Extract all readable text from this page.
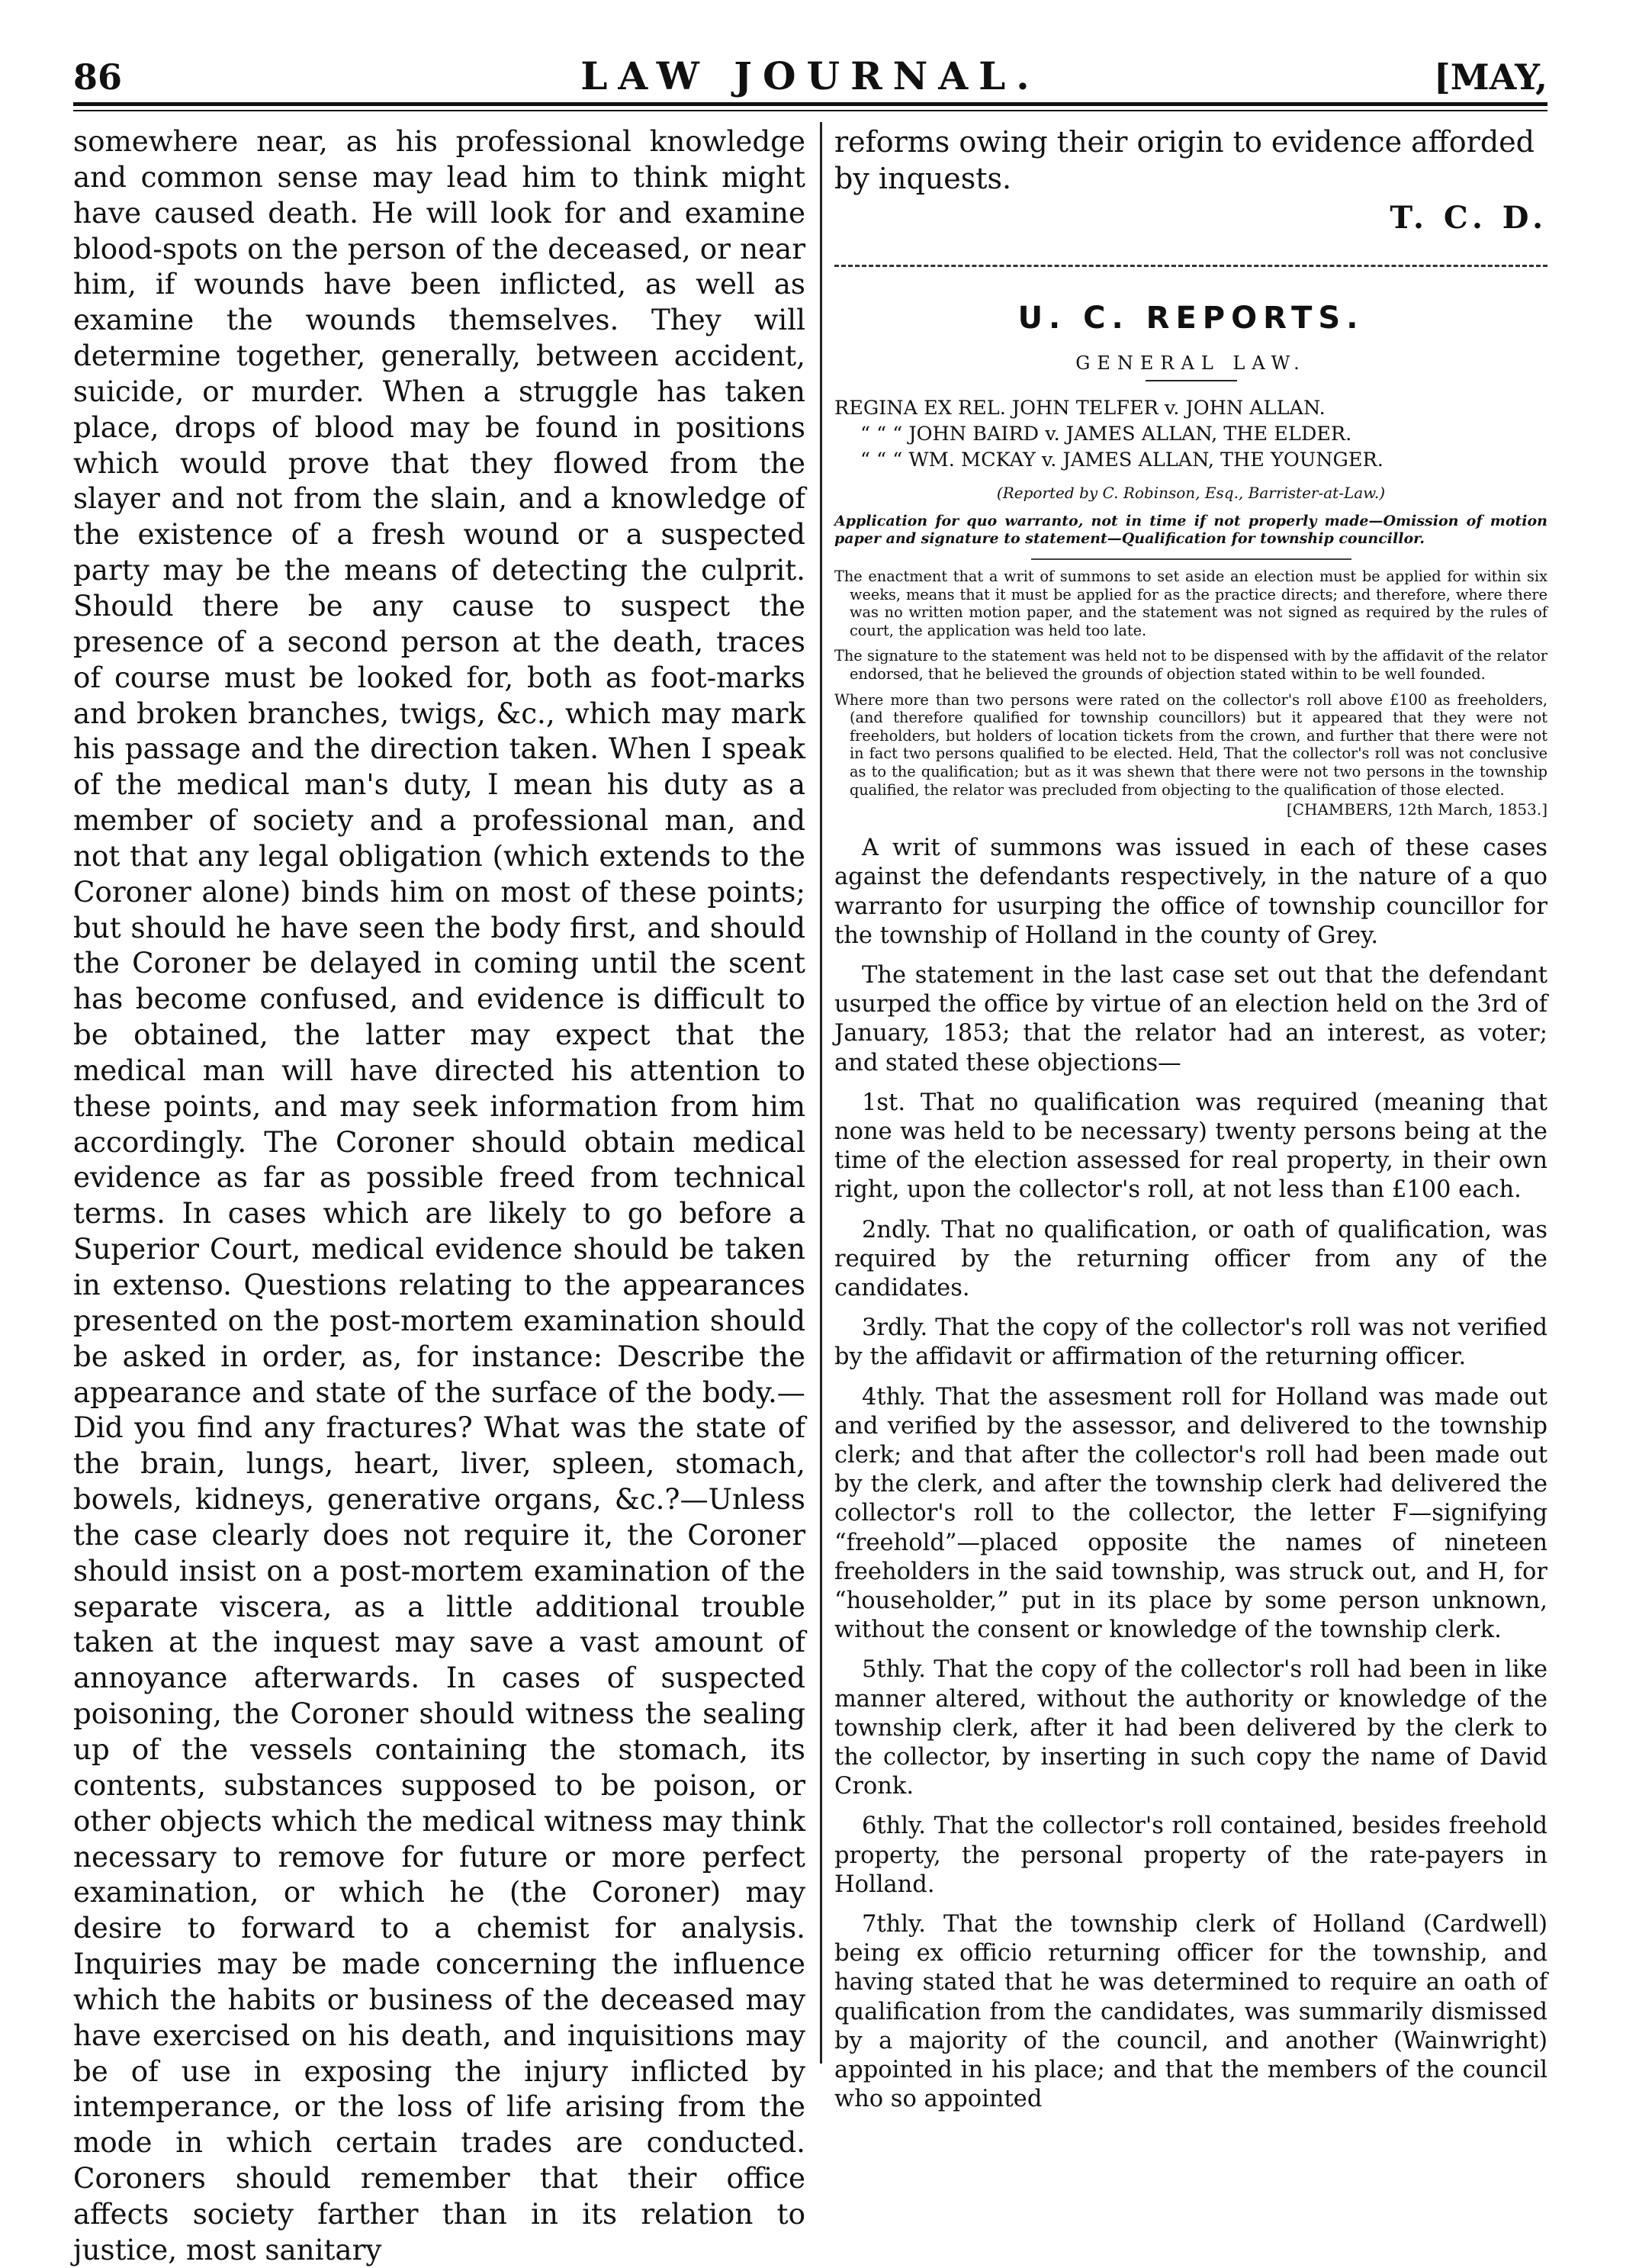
86	LAW JOURNAL.	[MAY,

somewhere near, as his professional knowledge and common sense may lead him to think might have caused death. He will look for and examine blood-spots on the person of the deceased, or near him, if wounds have been inflicted, as well as examine the wounds themselves. They will determine together, generally, between accident, suicide, or murder. When a struggle has taken place, drops of blood may be found in positions which would prove that they flowed from the slayer and not from the slain, and a knowledge of the existence of a fresh wound or a suspected party may be the means of detecting the culprit. Should there be any cause to suspect the presence of a second person at the death, traces of course must be looked for, both as foot-marks and broken branches, twigs, &c., which may mark his passage and the direction taken. When I speak of the medical man's duty, I mean his duty as a member of society and a professional man, and not that any legal obligation (which extends to the Coroner alone) binds him on most of these points; but should he have seen the body first, and should the Coroner be delayed in coming until the scent has become confused, and evidence is difficult to be obtained, the latter may expect that the medical man will have directed his attention to these points, and may seek information from him accordingly. The Coroner should obtain medical evidence as far as possible freed from technical terms. In cases which are likely to go before a Superior Court, medical evidence should be taken in extenso. Questions relating to the appearances presented on the post-mortem examination should be asked in order, as, for instance: Describe the appearance and state of the surface of the body.—Did you find any fractures? What was the state of the brain, lungs, heart, liver, spleen, stomach, bowels, kidneys, generative organs, &c.?—Unless the case clearly does not require it, the Coroner should insist on a post-mortem examination of the separate viscera, as a little additional trouble taken at the inquest may save a vast amount of annoyance afterwards. In cases of suspected poisoning, the Coroner should witness the sealing up of the vessels containing the stomach, its contents, substances supposed to be poison, or other objects which the medical witness may think necessary to remove for future or more perfect examination, or which he (the Coroner) may desire to forward to a chemist for analysis. Inquiries may be made concerning the influence which the habits or business of the deceased may have exercised on his death, and inquisitions may be of use in exposing the injury inflicted by intemperance, or the loss of life arising from the mode in which certain trades are conducted. Coroners should remember that their office affects society farther than in its relation to justice, most sanitary

reforms owing their origin to evidence afforded by inquests.

T. C. D.
U. C. REPORTS.
GENERAL LAW.
REGINA EX REL. JOHN TELFER v. JOHN ALLAN.
“ “ “ JOHN BAIRD v. JAMES ALLAN, THE ELDER.
“ “ “ WM. MCKAY v. JAMES ALLAN, THE YOUNGER.
(Reported by C. Robinson, Esq., Barrister-at-Law.)

Application for quo warranto, not in time if not properly made—Omission of motion paper and signature to statement—Qualification for township councillor.

The enactment that a writ of summons to set aside an election must be applied for within six weeks, means that it must be applied for as the practice directs; and therefore, where there was no written motion paper, and the statement was not signed as required by the rules of court, the application was held too late.

The signature to the statement was held not to be dispensed with by the affidavit of the relator endorsed, that he believed the grounds of objection stated within to be well founded.

Where more than two persons were rated on the collector's roll above £100 as freeholders, (and therefore qualified for township councillors) but it appeared that they were not freeholders, but holders of location tickets from the crown, and further that there were not in fact two persons qualified to be elected. Held, That the collector's roll was not conclusive as to the qualification; but as it was shewn that there were not two persons in the township qualified, the relator was precluded from objecting to the qualification of those elected.

[CHAMBERS, 12th March, 1853.]

A writ of summons was issued in each of these cases against the defendants respectively, in the nature of a quo warranto for usurping the office of township councillor for the township of Holland in the county of Grey.

The statement in the last case set out that the defendant usurped the office by virtue of an election held on the 3rd of January, 1853; that the relator had an interest, as voter; and stated these objections—

1st. That no qualification was required (meaning that none was held to be necessary) twenty persons being at the time of the election assessed for real property, in their own right, upon the collector's roll, at not less than £100 each.

2ndly. That no qualification, or oath of qualification, was required by the returning officer from any of the candidates.

3rdly. That the copy of the collector's roll was not verified by the affidavit or affirmation of the returning officer.

4thly. That the assesment roll for Holland was made out and verified by the assessor, and delivered to the township clerk; and that after the collector's roll had been made out by the clerk, and after the township clerk had delivered the collector's roll to the collector, the letter F—signifying “freehold”—placed opposite the names of nineteen freeholders in the said township, was struck out, and H, for “householder,” put in its place by some person unknown, without the consent or knowledge of the township clerk.

5thly. That the copy of the collector's roll had been in like manner altered, without the authority or knowledge of the township clerk, after it had been delivered by the clerk to the collector, by inserting in such copy the name of David Cronk.

6thly. That the collector's roll contained, besides freehold property, the personal property of the rate-payers in Holland.

7thly. That the township clerk of Holland (Cardwell) being ex officio returning officer for the township, and having stated that he was determined to require an oath of qualification from the candidates, was summarily dismissed by a majority of the council, and another (Wainwright) appointed in his place; and that the members of the council who so appointed
